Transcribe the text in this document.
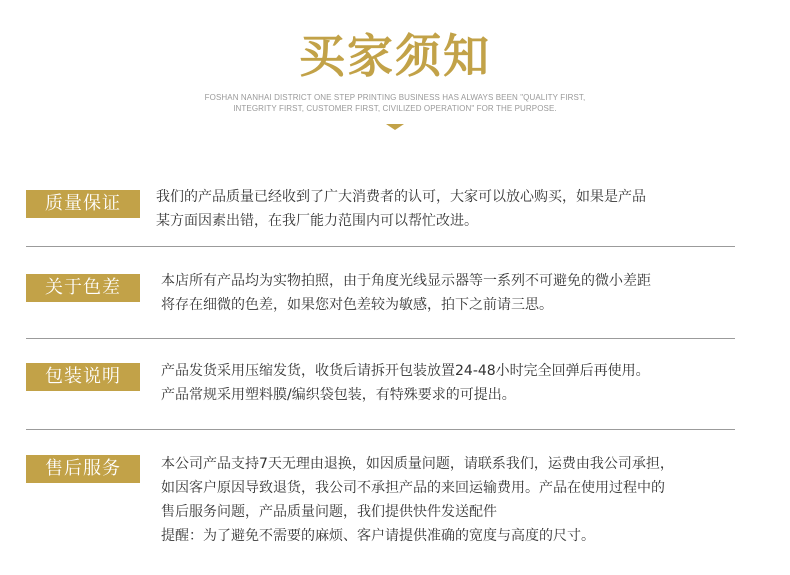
买家须知
FOSHAN NANHAI DISTRICT ONE STEP PRINTING BUSINESS HAS ALWAYS BEEN "QUALITY FIRST,
INTEGRITY FIRST, CUSTOMER FIRST, CIVILIZED OPERATION" FOR THE PURPOSE.
质量保证	我们的产品质量已经收到了广大消费者的认可，大家可以放心购买，如果是产品
某方面因素出错，在我厂能力范围内可以帮忙改进。
关于色差	本店所有产品均为实物拍照，由于角度光线显示器等一系列不可避免的微小差距
将存在细微的色差，如果您对色差较为敏感，拍下之前请三思。
包装说明	产品发货采用压缩发货，收货后请拆开包装放置24-48小时完全回弹后再使用。
产品常规采用塑料膜/编织袋包装，有特殊要求的可提出。
售后服务	本公司产品支持7天无理由退换，如因质量问题，请联系我们，运费由我公司承担，
如因客户原因导致退货，我公司不承担产品的来回运输费用。产品在使用过程中的
售后服务问题，产品质量问题，我们提供快件发送配件
提醒：为了避免不需要的麻烦、客户请提供准确的宽度与高度的尺寸。
